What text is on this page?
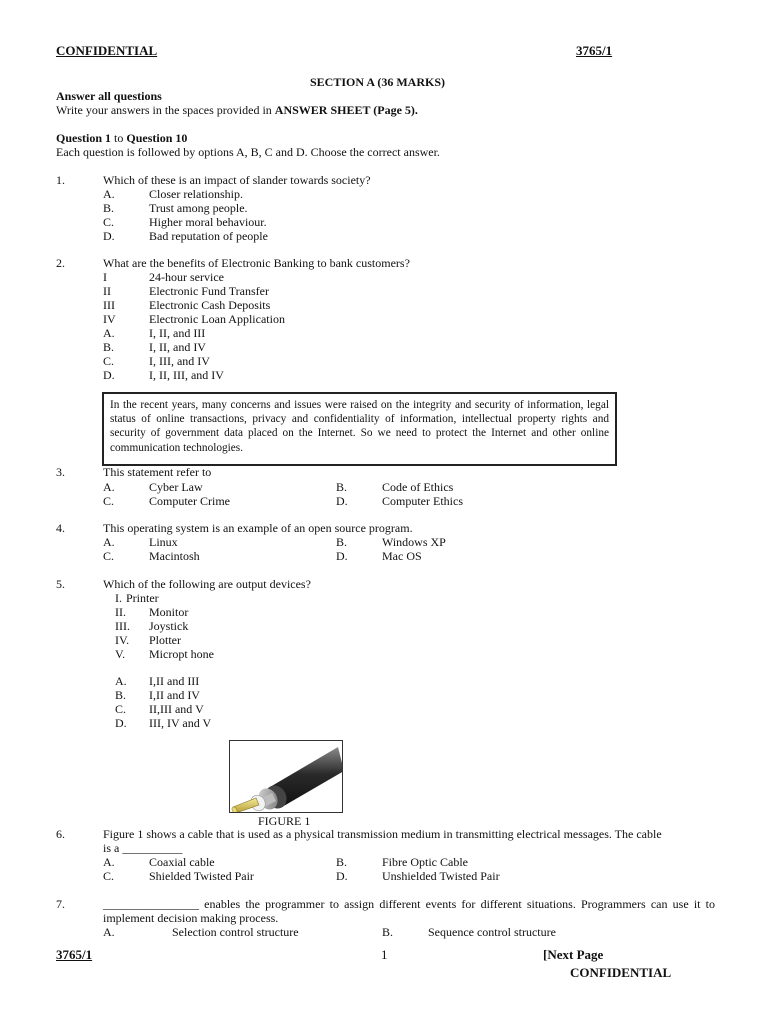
CONFIDENTIAL	3765/1
SECTION A (36 MARKS)
Answer all questions
Write your answers in the spaces provided in ANSWER SHEET (Page 5).
Question 1 to Question 10
Each question is followed by options A, B, C and D. Choose the correct answer.
1.	Which of these is an impact of slander towards society?
A.	Closer relationship.
B.	Trust among people.
C.	Higher moral behaviour.
D.	Bad reputation of people
2.	What are the benefits of Electronic Banking to bank customers?
I	24-hour service
II	Electronic Fund Transfer
III	Electronic Cash Deposits
IV	Electronic Loan Application
A.	I, II, and III
B.	I, II, and IV
C.	I, III, and IV
D.	I, II, III, and IV
In the recent years, many concerns and issues were raised on the integrity and security of information, legal status of online transactions, privacy and confidentiality of information, intellectual property rights and security of government data placed on the Internet. So we need to protect the Internet and other online communication technologies.
3.	This statement refer to
A.	Cyber Law	B.	Code of Ethics
C.	Computer Crime	D.	Computer Ethics
4.	This operating system is an example of an open source program.
A.	Linux	B.	Windows XP
C.	Macintosh	D.	Mac OS
5.	Which of the following are output devices?
I. Printer
II. Monitor
III. Joystick
IV. Plotter
V. Micropt hone
A. I,II and III
B. I,II and IV
C. II,III and V
D. III, IV and V
FIGURE 1
6.	Figure 1 shows a cable that is used as a physical transmission medium in transmitting electrical messages. The cable
is a __________
A.	Coaxial cable	B.	Fibre Optic Cable
C.	Shielded Twisted Pair	D.	Unshielded Twisted Pair
7.	________________ enables the programmer to assign different events for different situations. Programmers can use it to implement decision making process.
A.	Selection control structure	B.	Sequence control structure
3765/1	1	[Next Page
CONFIDENTIAL
